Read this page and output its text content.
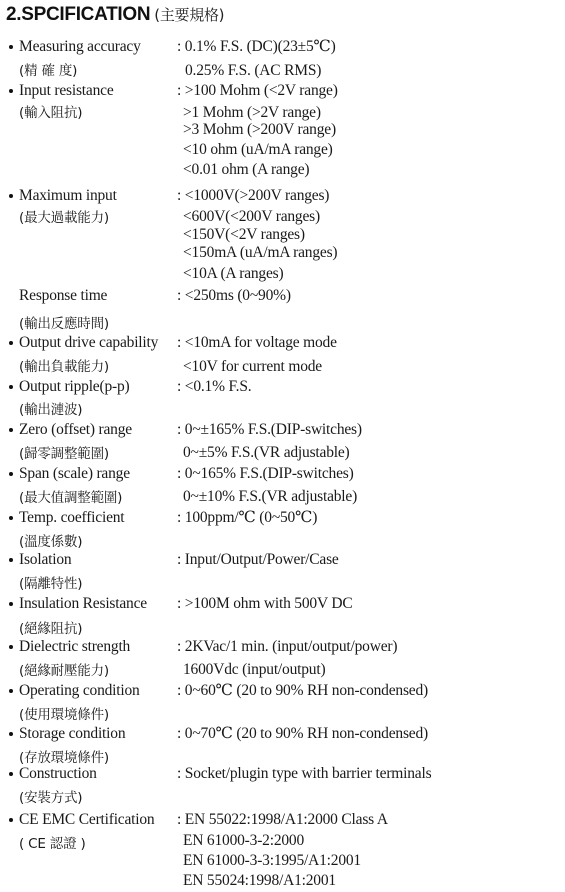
2.SPCIFICATION (主要規格)
Measuring accuracy
(精 確 度)
: 0.1% F.S. (DC)(23±5℃)
0.25% F.S. (AC RMS)
Input resistance
(輸入阻抗)
: >100 Mohm (<2V range)
>1 Mohm (>2V range)
>3 Mohm (>200V range)
<10 ohm (uA/mA range)
<0.01 ohm (A range)
Maximum input
(最大過載能力)
: <1000V(>200V ranges)
<600V(<200V ranges)
<150V(<2V ranges)
<150mA (uA/mA ranges)
<10A (A ranges)
Response time
(輸出反應時間)
: <250ms (0~90%)
Output drive capability
(輸出負載能力)
: <10mA for voltage mode
<10V for current mode
Output ripple(p-p)
(輸出漣波)
: <0.1% F.S.
Zero (offset) range
(歸零調整範圍)
: 0~±165% F.S.(DIP-switches)
0~±5% F.S.(VR adjustable)
Span (scale) range
(最大值調整範圍)
: 0~165% F.S.(DIP-switches)
0~±10% F.S.(VR adjustable)
Temp. coefficient
(溫度係數)
: 100ppm/℃ (0~50℃)
Isolation
(隔離特性)
: Input/Output/Power/Case
Insulation Resistance
(絕緣阻抗)
: >100M ohm with 500V DC
Dielectric strength
(絕緣耐壓能力)
: 2KVac/1 min. (input/output/power)
1600Vdc (input/output)
Operating condition
(使用環境條件)
: 0~60℃ (20 to 90% RH non-condensed)
Storage condition
(存放環境條件)
: 0~70℃ (20 to 90% RH non-condensed)
Construction
(安裝方式)
: Socket/plugin type with barrier terminals
CE EMC Certification
( CE 認證 )
: EN 55022:1998/A1:2000 Class A
EN 61000-3-2:2000
EN 61000-3-3:1995/A1:2001
EN 55024:1998/A1:2001
